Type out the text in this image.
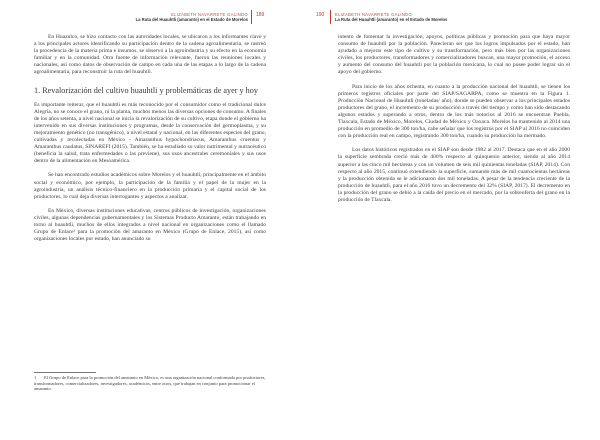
ELIZABETH NAVARRETE GALINDO
La Ruta del Huauhtli (amaranto) en el Estado de Morelos
189

En Huazulco, se hizo contacto con las autoridades locales, se ubicaron a los informantes clave y a los principales actores identificando su participación dentro de la cadena agroalimentaria, se rastreó la procedencia de la materia prima e insumos, se observó a la agroindustria y su efecto en la economía familiar y en la comunidad. Otra fuente de información relevante, fueron las reuniones locales y nacionales, así como datos de observación de campo en cada una de las etapas a lo largo de la cadena agroalimentaria, para reconstruir la ruta del huauhtli.

1. Revalorización del cultivo huauhtli y problemáticas de ayer y hoy

Es importante reiterar, que el huauhtli es más reconocido por el consumidor como el tradicional dulce Alegría, no se conoce el grano, ni la planta, muchos menos las diversas opciones de consumo. A finales de los años setenta, a nivel nacional se inicia la revalorización de su cultivo, etapa donde el gobierno ha intervenido en sus diversas instituciones y programas, desde la conservación del germoplasma, y su mejoramiento genético (no transgénico), a nivel estatal y nacional, en las diferentes especies del grano, cultivadas y recolectadas en México - Amaranthus hypochondriacus, Amaranthus cruentus y Amaranthus caudatus, SINAREFI (2015). También, se ha estudiado su valor nutrimental y nutracéutico (beneficia la salud, trata enfermedades o las previene), sus usos ancestrales ceremoniales y sus usos dentro de la alimentación en Mesoamérica.

Se han encontrado estudios académicos sobre Morelos y el huauhtli, principalmente en el ámbito social y económico, por ejemplo, la participación de la familia y el papel de la mujer en la agroindustria, un análisis técnico-financiero en la producción primaria y el capital social de los productores, lo cual deja diversas interrogantes y aspectos a analizar.

En México, diversas instituciones educativas, centros públicos de investigación, organizaciones civiles, algunas dependencias gubernamentales y los Sistemas Producto Amaranto, están trabajando en torno al huauhtli, muchos de ellos integrados a nivel nacional en organizaciones como el llamado Grupo de Enlace¹ para la promoción del amaranto en México (Grupo de Enlace, 2015), así como organizaciones locales por estado, han anunciado su

1 El Grupo de Enlace para la promoción del amaranto en México, es una organización nacional conformada por productores, transformadores, comercializadores, investigadores, académicos, entre otros, que trabajan en conjunto para promocionar el amaranto.
190	ELIZABETH NAVARRETE GALINDO
La Ruta del Huauhtli (amaranto) en el Estado de Morelos

intento de fomentar la investigación, apoyos, políticas públicas y promoción para que haya mayor consumo de huauhtli por la población. Parecieran ser que los logros impulsados por el estado, han ayudado a mejorar este tipo de cultivo y su transformación, pero más bien por las organizaciones civiles, los productores, transformadores y comercializadores buscan, una mayor promoción, el acceso y aumento del consumo del huauhtli por la población mexicana, lo cual no posee poder lograr sin el apoyo del gobierno.

Para inicio de los años ochenta, en cuanto a la producción nacional del huauhtli, se tienen los primeros registros oficiales por parte del SIAP/SAGARPA, como se muestra en la Figura 1. Producción Nacional de Huauhtli (toneladas/ año), donde se pueden observar a los principales estados productores del grano, el incremento de su producción a través del tiempo y como han sido destacando algunos estados y superando a otros, dentro de los más notorios al 2016 se encuentran Puebla, Tlaxcala, Estado de México, Morelos, Ciudad de México y Oaxaca. Morelos ha mantenido al 2014 una producción en promedio de 300 ton/ha, cabe señalar que los registros por el SIAP al 2016 no coinciden con la producción real en campo, registrando 300 ton/ha, cuando su producción ha mermado.

Los datos históricos registrados en el SIAP son desde 1982 al 2017. Destaca que en el año 2000 la superficie sembrada creció más de 400% respecto al quinquenio anterior, siendo al año 2014 superior a las cinco mil hectáreas y con un volumen de seis mil quinientas toneladas (SIAP, 2014). Con respecto al año 2015, continuó extendiendo la superficie, sumando más de mil cuatrocientas hectáreas y la producción obtenida se le adicionaron dos mil toneladas. A pesar de la tendencia creciente de la producción de huauhtli, para el año 2016 tuvo un decremento del 32% (SIAP, 2017). El decremento en la producción del grano se debió a la caída del precio en el mercado, por la sobreoferta del grano en la producción de Tlaxcala.
